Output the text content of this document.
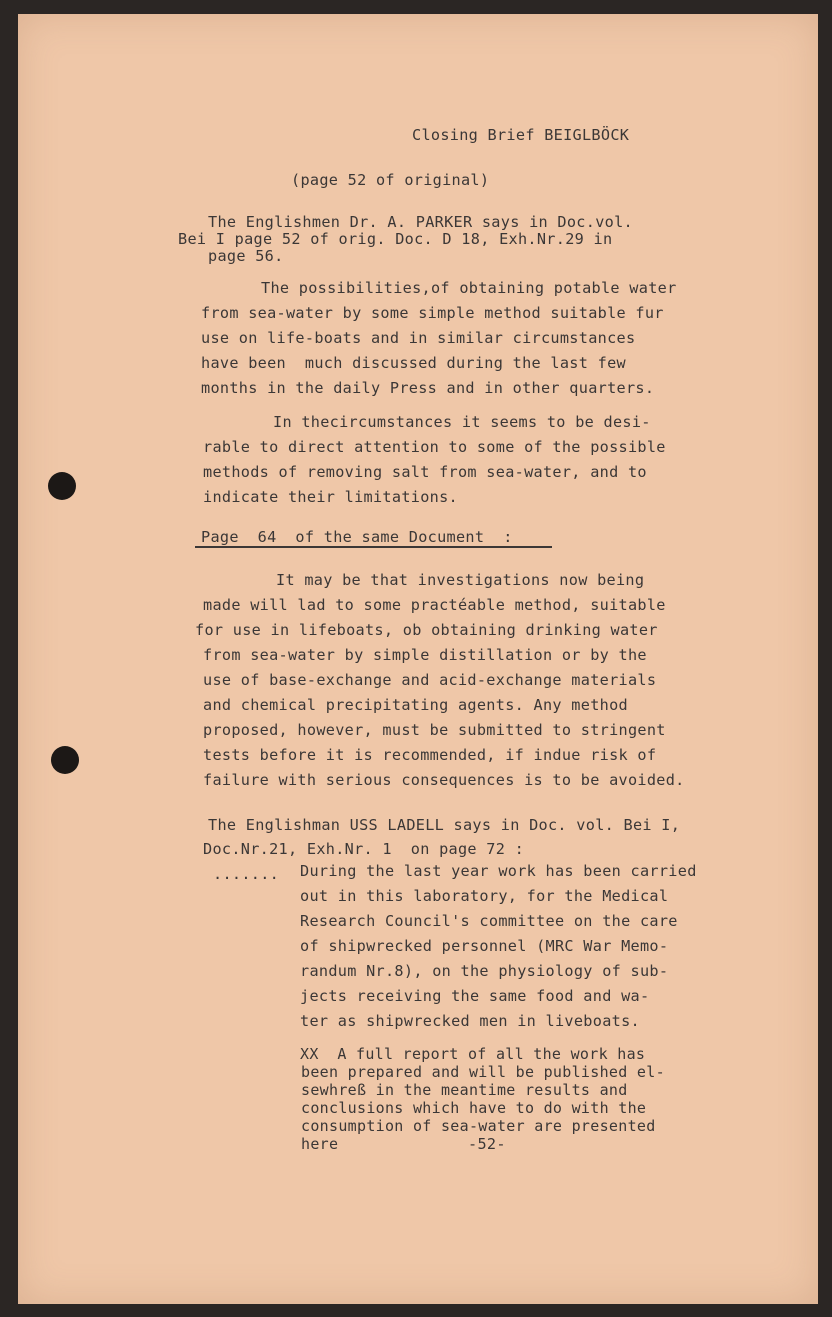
Closing Brief BEIGLBÖCK
(page 52 of original)
The Englishmen Dr. A. PARKER says in Doc.vol.
Bei I page 52 of orig. Doc. D 18, Exh.Nr.29 in
page 56.
The possibilities,of obtaining potable water
from sea-water by some simple method suitable fur
use on life-boats and in similar circumstances
have been  much discussed during the last few
months in the daily Press and in other quarters.
In thecircumstances it seems to be desi-
rable to direct attention to some of the possible
methods of removing salt from sea-water, and to
indicate their limitations.
Page  64  of the same Document  :
It may be that investigations now being
made will lad to some practéable method, suitable
for use in lifeboats, ob obtaining drinking water
from sea-water by simple distillation or by the
use of base-exchange and acid-exchange materials
and chemical precipitating agents. Any method
proposed, however, must be submitted to stringent
tests before it is recommended, if indue risk of
failure with serious consequences is to be avoided.
The Englishman USS LADELL says in Doc. vol. Bei I,
Doc.Nr.21, Exh.Nr. 1  on page 72 :
....... During the last year work has been carried
out in this laboratory, for the Medical
Research Council's committee on the care
of shipwrecked personnel (MRC War Memo-
randum Nr.8), on the physiology of sub-
jects receiving the same food and wa-
ter as shipwrecked men in liveboats.
XX  A full report of all the work has
been prepared and will be published el-
sewhreß in the meantime results and
conclusions which have to do with the
consumption of sea-water are presented
here	-52-
